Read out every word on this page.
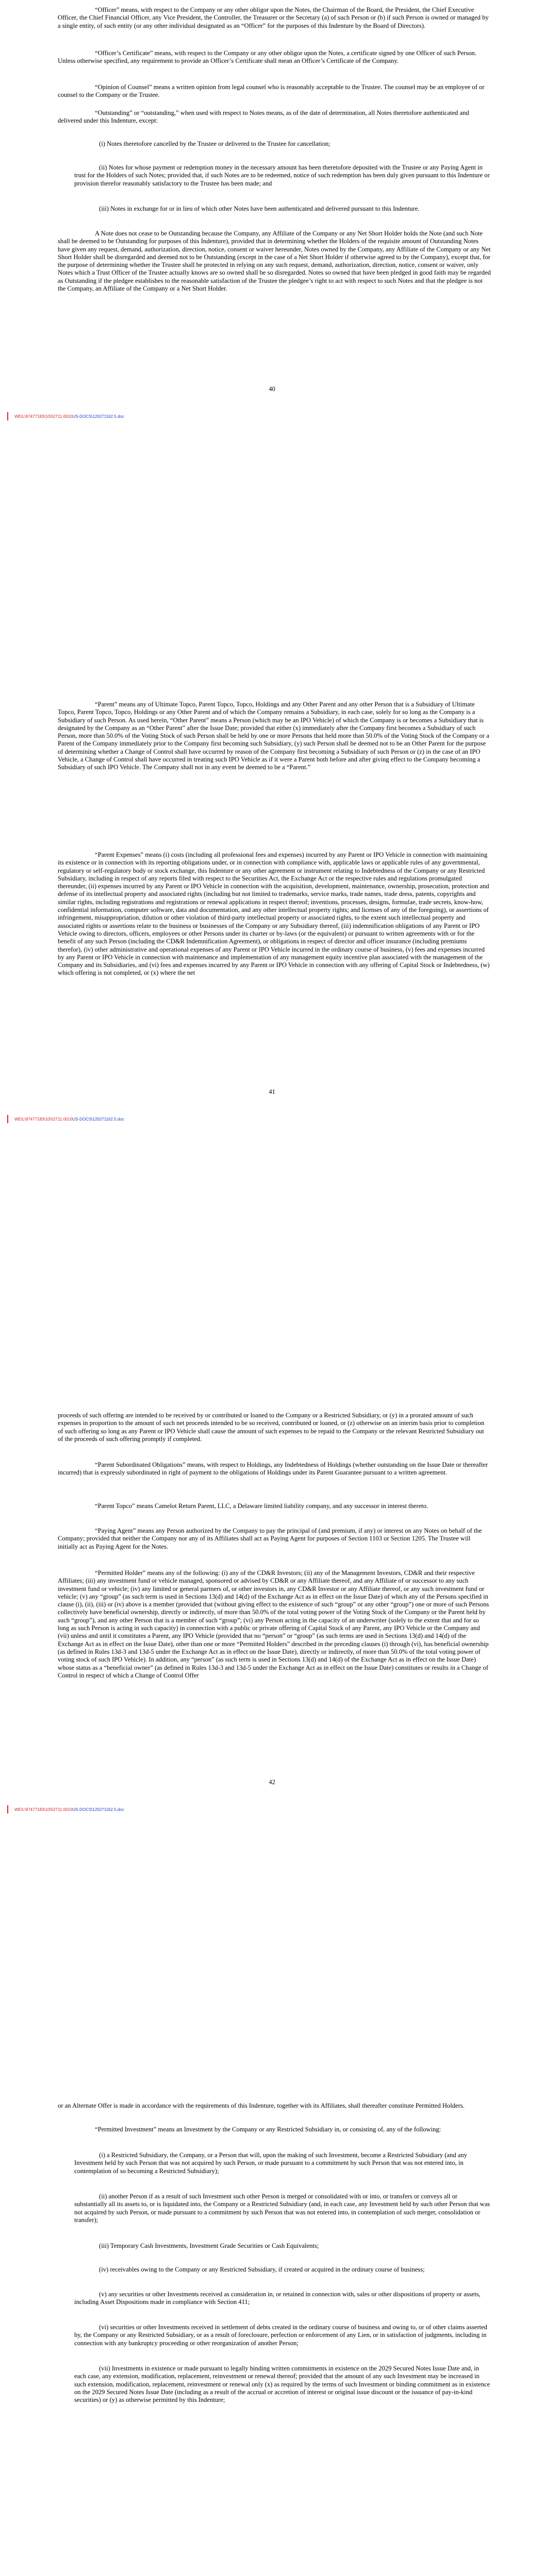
“Officer” means, with respect to the Company or any other obligor upon the Notes, the Chairman of the Board, the President, the Chief Executive Officer, the Chief Financial Officer, any Vice President, the Controller, the Treasurer or the Secretary (a) of such Person or (b) if such Person is owned or managed by a single entity, of such entity (or any other individual designated as an “Officer” for the purposes of this Indenture by the Board of Directors).

“Officer’s Certificate” means, with respect to the Company or any other obligor upon the Notes, a certificate signed by one Officer of such Person. Unless otherwise specified, any requirement to provide an Officer’s Certificate shall mean an Officer’s Certificate of the Company.

“Opinion of Counsel” means a written opinion from legal counsel who is reasonably acceptable to the Trustee. The counsel may be an employee of or counsel to the Company or the Trustee.

“Outstanding” or “outstanding,” when used with respect to Notes means, as of the date of determination, all Notes theretofore authenticated and delivered under this Indenture, except:

(i) Notes theretofore cancelled by the Trustee or delivered to the Trustee for cancellation;

(ii) Notes for whose payment or redemption money in the necessary amount has been theretofore deposited with the Trustee or any Paying Agent in trust for the Holders of such Notes; provided that, if such Notes are to be redeemed, notice of such redemption has been duly given pursuant to this Indenture or provision therefor reasonably satisfactory to the Trustee has been made; and

(iii) Notes in exchange for or in lieu of which other Notes have been authenticated and delivered pursuant to this Indenture.

A Note does not cease to be Outstanding because the Company, any Affiliate of the Company or any Net Short Holder holds the Note (and such Note shall be deemed to be Outstanding for purposes of this Indenture), provided that in determining whether the Holders of the requisite amount of Outstanding Notes have given any request, demand, authorization, direction, notice, consent or waiver hereunder, Notes owned by the Company, any Affiliate of the Company or any Net Short Holder shall be disregarded and deemed not to be Outstanding (except in the case of a Net Short Holder if otherwise agreed to by the Company), except that, for the purpose of determining whether the Trustee shall be protected in relying on any such request, demand, authorization, direction, notice, consent or waiver, only Notes which a Trust Officer of the Trustee actually knows are so owned shall be so disregarded. Notes so owned that have been pledged in good faith may be regarded as Outstanding if the pledgee establishes to the reasonable satisfaction of the Trustee the pledgee’s right to act with respect to such Notes and that the pledgee is not the Company, an Affiliate of the Company or a Net Short Holder.

40
WEIL\97477183\10\52711.0010US-DOCS\120271162.5.doc

“Parent” means any of Ultimate Topco, Parent Topco, Topco, Holdings and any Other Parent and any other Person that is a Subsidiary of Ultimate Topco, Parent Topco, Topco, Holdings or any Other Parent and of which the Company remains a Subsidiary, in each case, solely for so long as the Company is a Subsidiary of such Person. As used herein, “Other Parent” means a Person (which may be an IPO Vehicle) of which the Company is or becomes a Subsidiary that is designated by the Company as an “Other Parent” after the Issue Date; provided that either (x) immediately after the Company first becomes a Subsidiary of such Person, more than 50.0% of the Voting Stock of such Person shall be held by one or more Persons that held more than 50.0% of the Voting Stock of the Company or a Parent of the Company immediately prior to the Company first becoming such Subsidiary, (y) such Person shall be deemed not to be an Other Parent for the purpose of determining whether a Change of Control shall have occurred by reason of the Company first becoming a Subsidiary of such Person or (z) in the case of an IPO Vehicle, a Change of Control shall have occurred in treating such IPO Vehicle as if it were a Parent both before and after giving effect to the Company becoming a Subsidiary of such IPO Vehicle. The Company shall not in any event be deemed to be a “Parent.”

“Parent Expenses” means (i) costs (including all professional fees and expenses) incurred by any Parent or IPO Vehicle in connection with maintaining its existence or in connection with its reporting obligations under, or in connection with compliance with, applicable laws or applicable rules of any governmental, regulatory or self-regulatory body or stock exchange, this Indenture or any other agreement or instrument relating to Indebtedness of the Company or any Restricted Subsidiary, including in respect of any reports filed with respect to the Securities Act, the Exchange Act or the respective rules and regulations promulgated thereunder, (ii) expenses incurred by any Parent or IPO Vehicle in connection with the acquisition, development, maintenance, ownership, prosecution, protection and defense of its intellectual property and associated rights (including but not limited to trademarks, service marks, trade names, trade dress, patents, copyrights and similar rights, including registrations and registrations or renewal applications in respect thereof; inventions, processes, designs, formulae, trade secrets, know-how, confidential information, computer software, data and documentation, and any other intellectual property rights; and licenses of any of the foregoing), or assertions of infringement, misappropriation, dilution or other violation of third-party intellectual property or associated rights, to the extent such intellectual property and associated rights or assertions relate to the business or businesses of the Company or any Subsidiary thereof, (iii) indemnification obligations of any Parent or IPO Vehicle owing to directors, officers, employees or other Persons under its charter or by-laws (or the equivalent) or pursuant to written agreements with or for the benefit of any such Person (including the CD&R Indemnification Agreement), or obligations in respect of director and officer insurance (including premiums therefor), (iv) other administrative and operational expenses of any Parent or IPO Vehicle incurred in the ordinary course of business, (v) fees and expenses incurred by any Parent or IPO Vehicle in connection with maintenance and implementation of any management equity incentive plan associated with the management of the Company and its Subsidiaries, and (vi) fees and expenses incurred by any Parent or IPO Vehicle in connection with any offering of Capital Stock or Indebtedness, (w) which offering is not completed, or (x) where the net

41
WEIL\97477183\10\52711.0010US-DOCS\120271162.5.doc

proceeds of such offering are intended to be received by or contributed or loaned to the Company or a Restricted Subsidiary, or (y) in a prorated amount of such expenses in proportion to the amount of such net proceeds intended to be so received, contributed or loaned, or (z) otherwise on an interim basis prior to completion of such offering so long as any Parent or IPO Vehicle shall cause the amount of such expenses to be repaid to the Company or the relevant Restricted Subsidiary out of the proceeds of such offering promptly if completed.

“Parent Subordinated Obligations” means, with respect to Holdings, any Indebtedness of Holdings (whether outstanding on the Issue Date or thereafter incurred) that is expressly subordinated in right of payment to the obligations of Holdings under its Parent Guarantee pursuant to a written agreement.

“Parent Topco” means Camelot Return Parent, LLC, a Delaware limited liability company, and any successor in interest thereto.

“Paying Agent” means any Person authorized by the Company to pay the principal of (and premium, if any) or interest on any Notes on behalf of the Company; provided that neither the Company nor any of its Affiliates shall act as Paying Agent for purposes of Section 1103 or Section 1205. The Trustee will initially act as Paying Agent for the Notes.

“Permitted Holder” means any of the following: (i) any of the CD&R Investors; (ii) any of the Management Investors, CD&R and their respective Affiliates; (iii) any investment fund or vehicle managed, sponsored or advised by CD&R or any Affiliate thereof, and any Affiliate of or successor to any such investment fund or vehicle; (iv) any limited or general partners of, or other investors in, any CD&R Investor or any Affiliate thereof, or any such investment fund or vehicle; (v) any “group” (as such term is used in Sections 13(d) and 14(d) of the Exchange Act as in effect on the Issue Date) of which any of the Persons specified in clause (i), (ii), (iii) or (iv) above is a member (provided that (without giving effect to the existence of such “group” or any other “group”) one or more of such Persons collectively have beneficial ownership, directly or indirectly, of more than 50.0% of the total voting power of the Voting Stock of the Company or the Parent held by such “group”), and any other Person that is a member of such “group”; (vi) any Person acting in the capacity of an underwriter (solely to the extent that and for so long as such Person is acting in such capacity) in connection with a public or private offering of Capital Stock of any Parent, any IPO Vehicle or the Company and (vii) unless and until it constitutes a Parent, any IPO Vehicle (provided that no “person” or “group” (as such terms are used in Sections 13(d) and 14(d) of the Exchange Act as in effect on the Issue Date), other than one or more “Permitted Holders” described in the preceding clauses (i) through (vi), has beneficial ownership (as defined in Rules 13d-3 and 13d-5 under the Exchange Act as in effect on the Issue Date), directly or indirectly, of more than 50.0% of the total voting power of voting stock of such IPO Vehicle). In addition, any “person” (as such term is used in Sections 13(d) and 14(d) of the Exchange Act as in effect on the Issue Date) whose status as a “beneficial owner” (as defined in Rules 13d-3 and 13d-5 under the Exchange Act as in effect on the Issue Date) constitutes or results in a Change of Control in respect of which a Change of Control Offer

42
WEIL\97477183\10\52711.0010US-DOCS\120271162.5.doc

or an Alternate Offer is made in accordance with the requirements of this Indenture, together with its Affiliates, shall thereafter constitute Permitted Holders.

“Permitted Investment” means an Investment by the Company or any Restricted Subsidiary in, or consisting of, any of the following:

(i) a Restricted Subsidiary, the Company, or a Person that will, upon the making of such Investment, become a Restricted Subsidiary (and any Investment held by such Person that was not acquired by such Person, or made pursuant to a commitment by such Person that was not entered into, in contemplation of so becoming a Restricted Subsidiary);

(ii) another Person if as a result of such Investment such other Person is merged or consolidated with or into, or transfers or conveys all or substantially all its assets to, or is liquidated into, the Company or a Restricted Subsidiary (and, in each case, any Investment held by such other Person that was not acquired by such Person, or made pursuant to a commitment by such Person that was not entered into, in contemplation of such merger, consolidation or transfer);

(iii) Temporary Cash Investments, Investment Grade Securities or Cash Equivalents;

(iv) receivables owing to the Company or any Restricted Subsidiary, if created or acquired in the ordinary course of business;

(v) any securities or other Investments received as consideration in, or retained in connection with, sales or other dispositions of property or assets, including Asset Dispositions made in compliance with Section 411;

(vi) securities or other Investments received in settlement of debts created in the ordinary course of business and owing to, or of other claims asserted by, the Company or any Restricted Subsidiary, or as a result of foreclosure, perfection or enforcement of any Lien, or in satisfaction of judgments, including in connection with any bankruptcy proceeding or other reorganization of another Person;

(vii) Investments in existence or made pursuant to legally binding written commitments in existence on the 2029 Secured Notes Issue Date and, in each case, any extension, modification, replacement, reinvestment or renewal thereof; provided that the amount of any such Investment may be increased in such extension, modification, replacement, reinvestment or renewal only (x) as required by the terms of such Investment or binding commitment as in existence on the 2029 Secured Notes Issue Date (including as a result of the accrual or accretion of interest or original issue discount or the issuance of pay-in-kind securities) or (y) as otherwise permitted by this Indenture;
